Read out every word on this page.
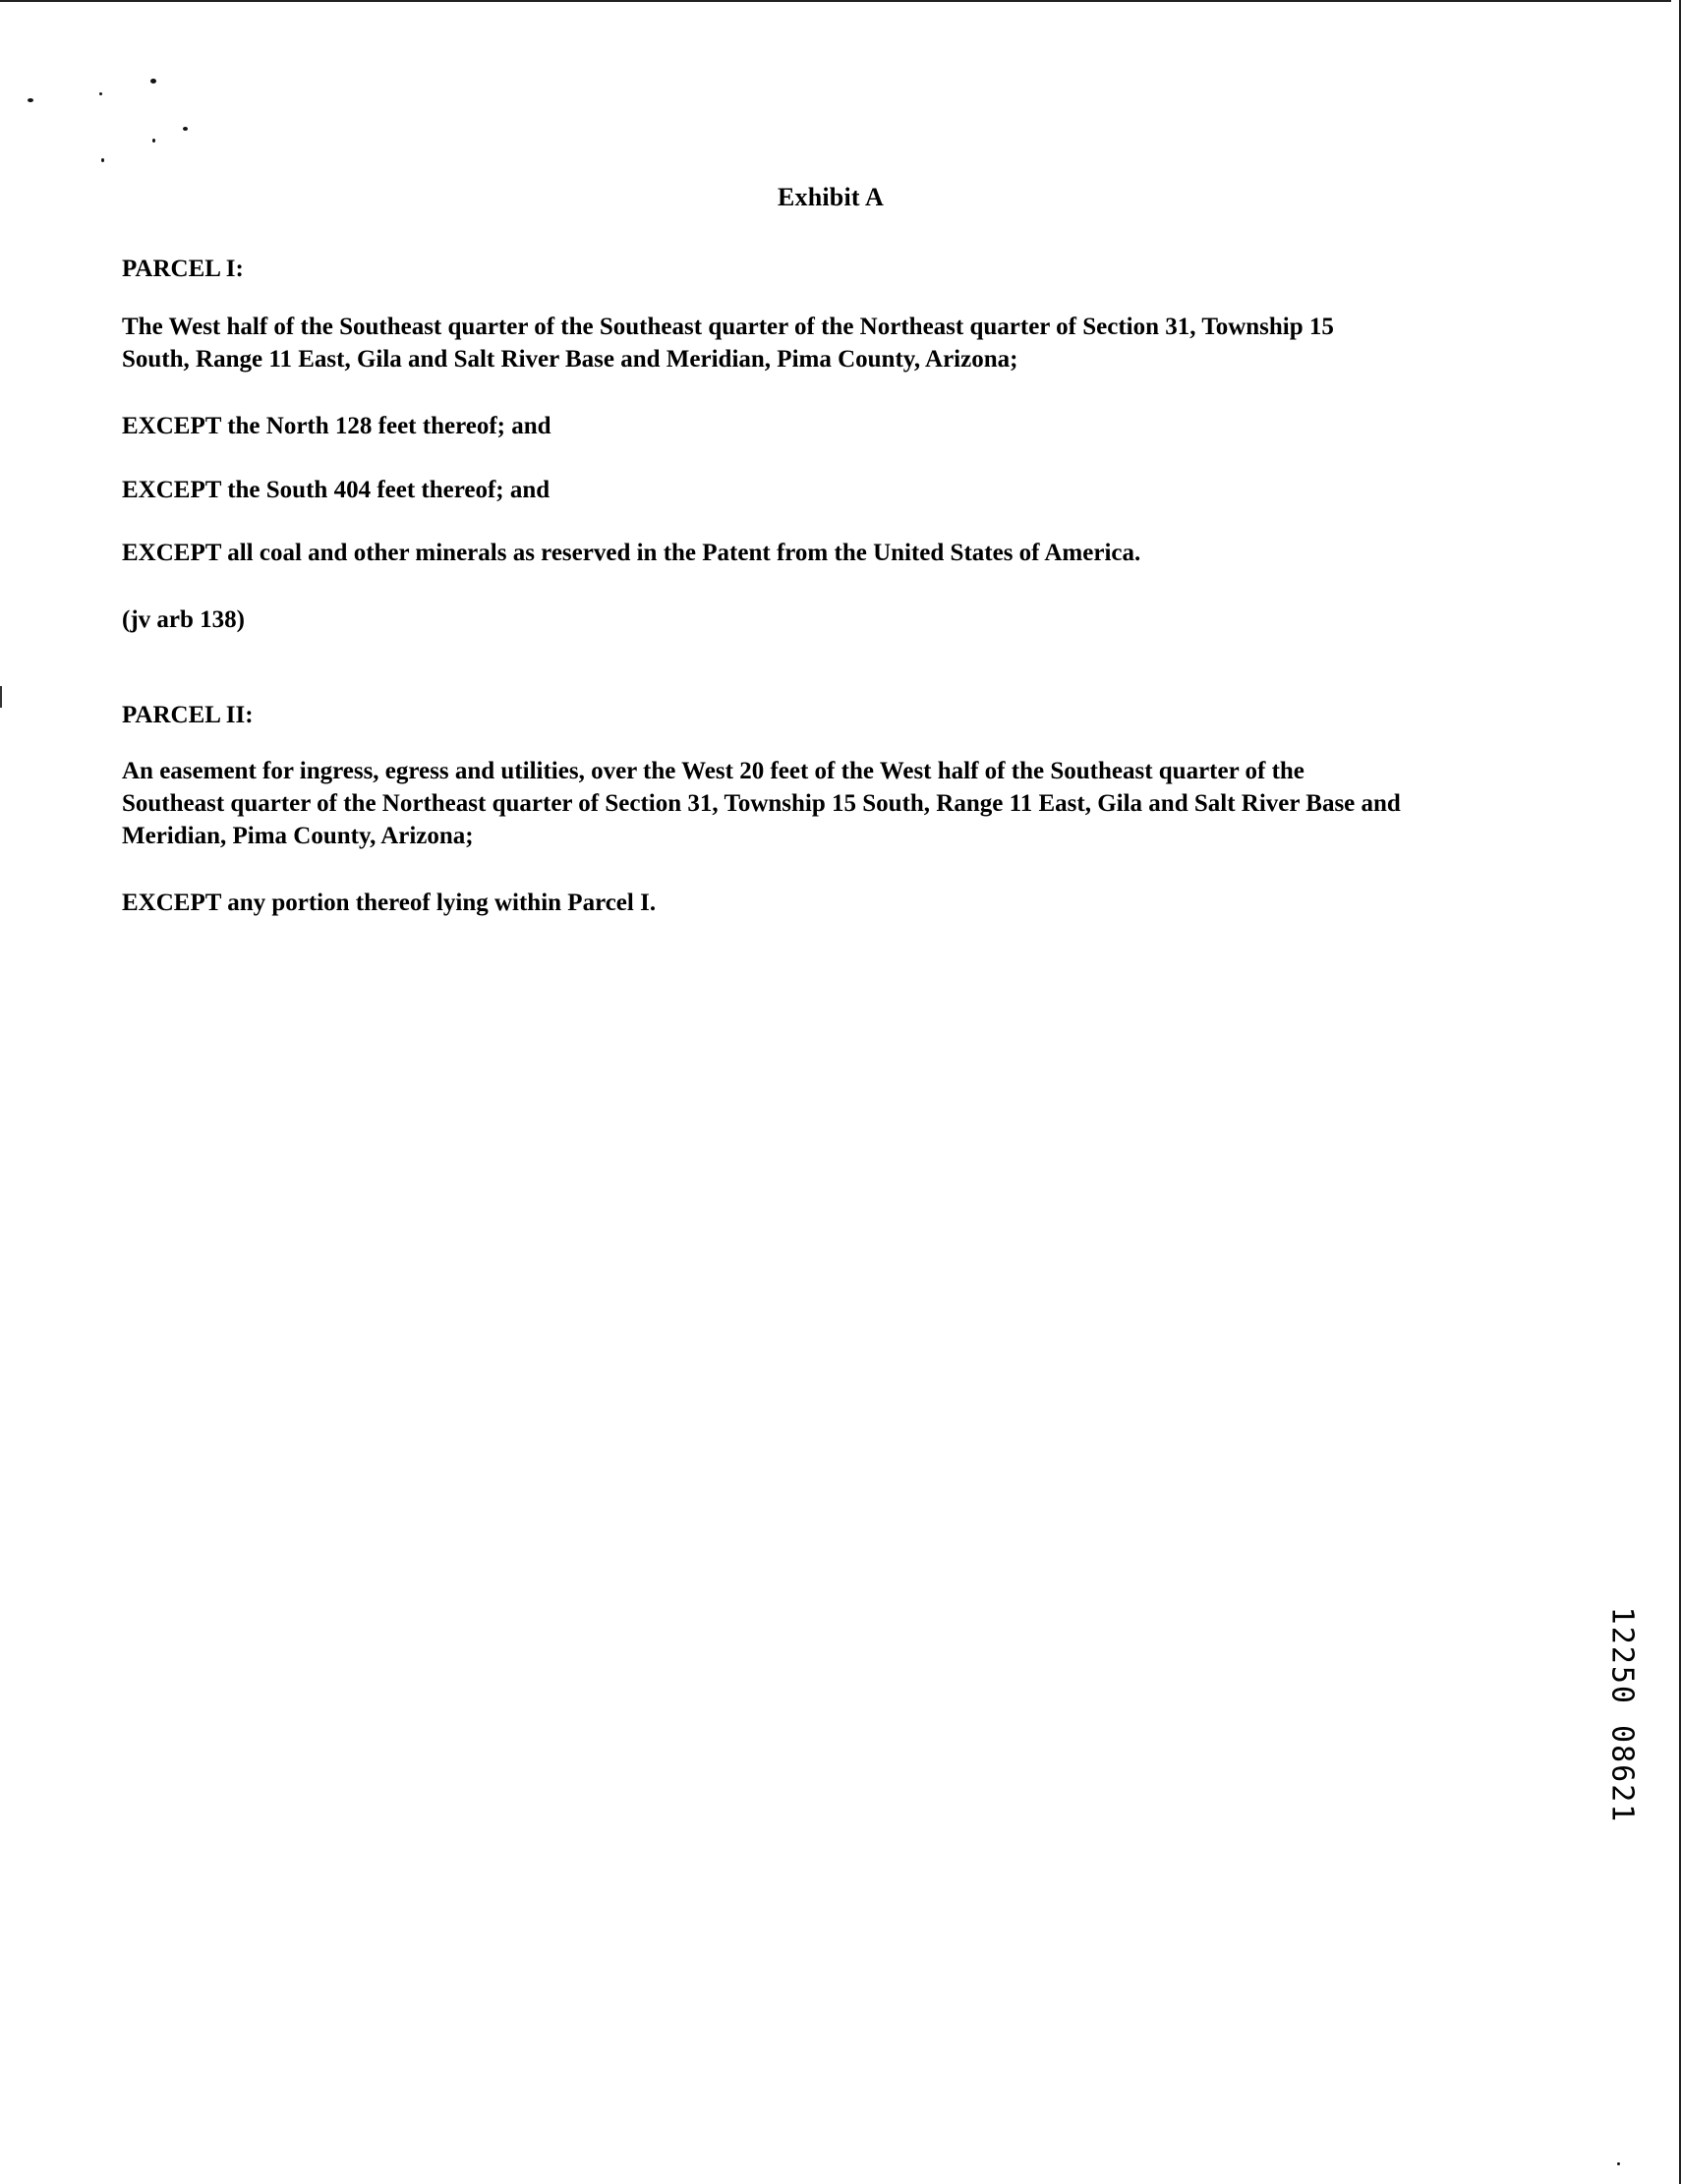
Exhibit A
PARCEL I:
The West half of the Southeast quarter of the Southeast quarter of the Northeast quarter of Section 31, Township 15
South, Range 11 East, Gila and Salt River Base and Meridian, Pima County, Arizona;
EXCEPT the North 128 feet thereof; and
EXCEPT the South 404 feet thereof; and
EXCEPT all coal and other minerals as reserved in the Patent from the United States of America.
(jv arb 138)
PARCEL II:
An easement for ingress, egress and utilities, over the West 20 feet of the West half of the Southeast quarter of the
Southeast quarter of the Northeast quarter of Section 31, Township 15 South, Range 11 East, Gila and Salt River Base and
Meridian, Pima County, Arizona;
EXCEPT any portion thereof lying within Parcel I.
12250 08621
